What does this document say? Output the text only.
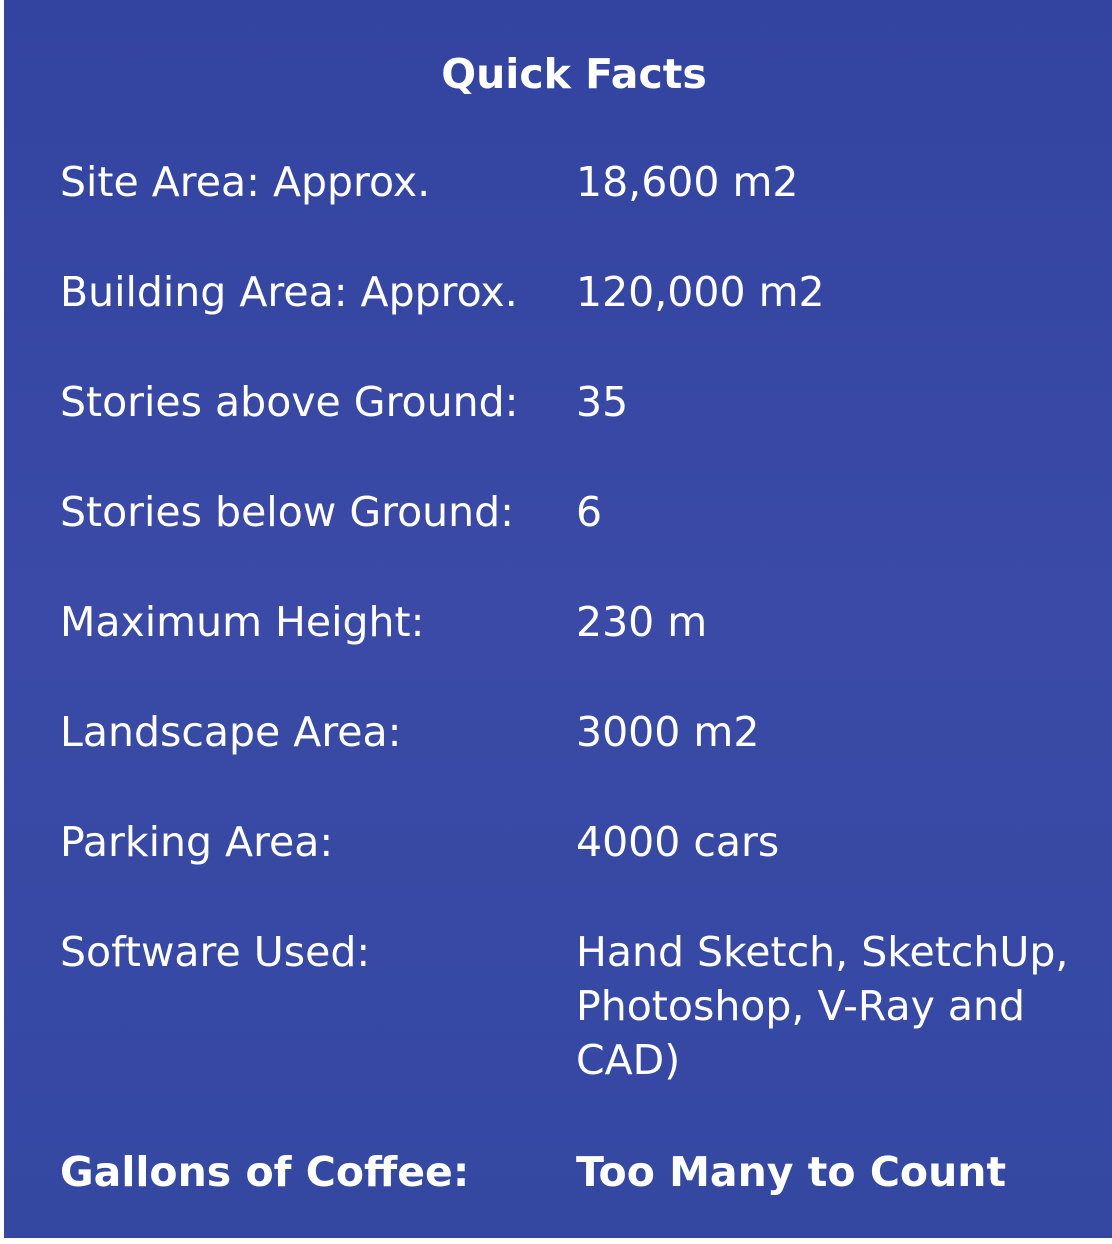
Quick Facts
Site Area: Approx.	18,600 m2
Building Area: Approx. 120,000 m2
Stories above Ground: 35
Stories below Ground: 6
Maximum Height:	230 m
Landscape Area:	3000 m2
Parking Area:	4000 cars
Software Used:	Hand Sketch, SketchUp,
Photoshop, V-Ray and
CAD)
Gallons of Coffee:	Too Many to Count
